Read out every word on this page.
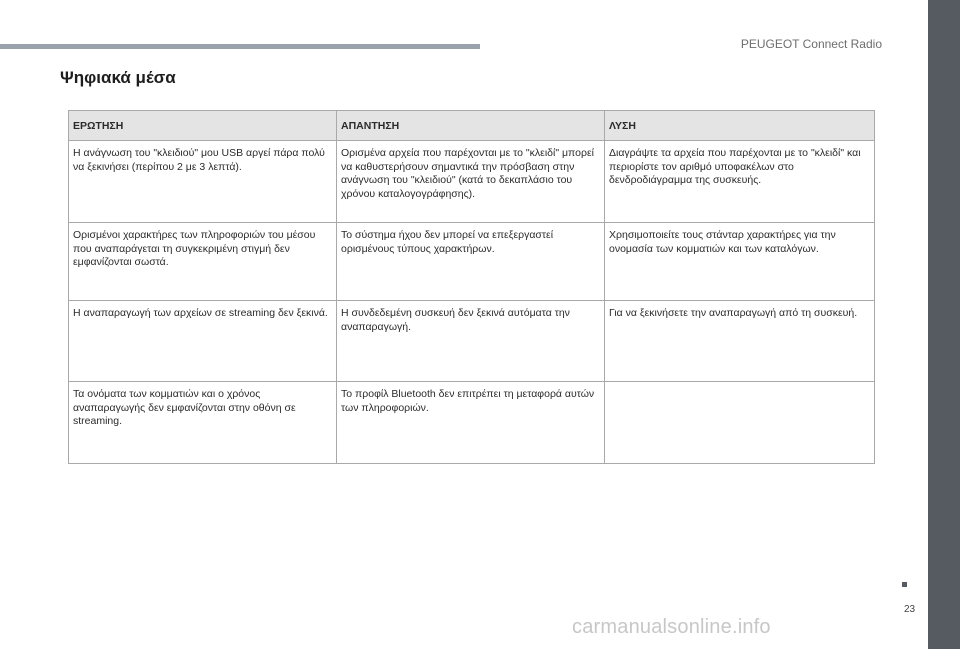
PEUGEOT Connect Radio
Ψηφιακά μέσα
ΕΡΩΤΗΣΗ	ΑΠΑΝΤΗΣΗ	ΛΥΣΗ
Η ανάγνωση του "κλειδιού" μου USB αργεί πάρα πολύ να ξεκινήσει (περίπου 2 με 3 λεπτά).	Ορισμένα αρχεία που παρέχονται με το "κλειδί" μπορεί να καθυστερήσουν σημαντικά την πρόσβαση στην ανάγνωση του "κλειδιού" (κατά το δεκαπλάσιο του χρόνου καταλογογράφησης).	Διαγράψτε τα αρχεία που παρέχονται με το "κλειδί" και περιορίστε τον αριθμό υποφακέλων στο δενδροδιάγραμμα της συσκευής.
Ορισμένοι χαρακτήρες των πληροφοριών του μέσου που αναπαράγεται τη συγκεκριμένη στιγμή δεν εμφανίζονται σωστά.	Το σύστημα ήχου δεν μπορεί να επεξεργαστεί ορισμένους τύπους χαρακτήρων.	Χρησιμοποιείτε τους στάνταρ χαρακτήρες για την ονομασία των κομματιών και των καταλόγων.
Η αναπαραγωγή των αρχείων σε streaming δεν ξεκινά.	Η συνδεδεμένη συσκευή δεν ξεκινά αυτόματα την αναπαραγωγή.	Για να ξεκινήσετε την αναπαραγωγή από τη συσκευή.
Τα ονόματα των κομματιών και ο χρόνος αναπαραγωγής δεν εμφανίζονται στην οθόνη σε streaming.	Το προφίλ Bluetooth δεν επιτρέπει τη μεταφορά αυτών των πληροφοριών.	
23
carmanualsonline.info
